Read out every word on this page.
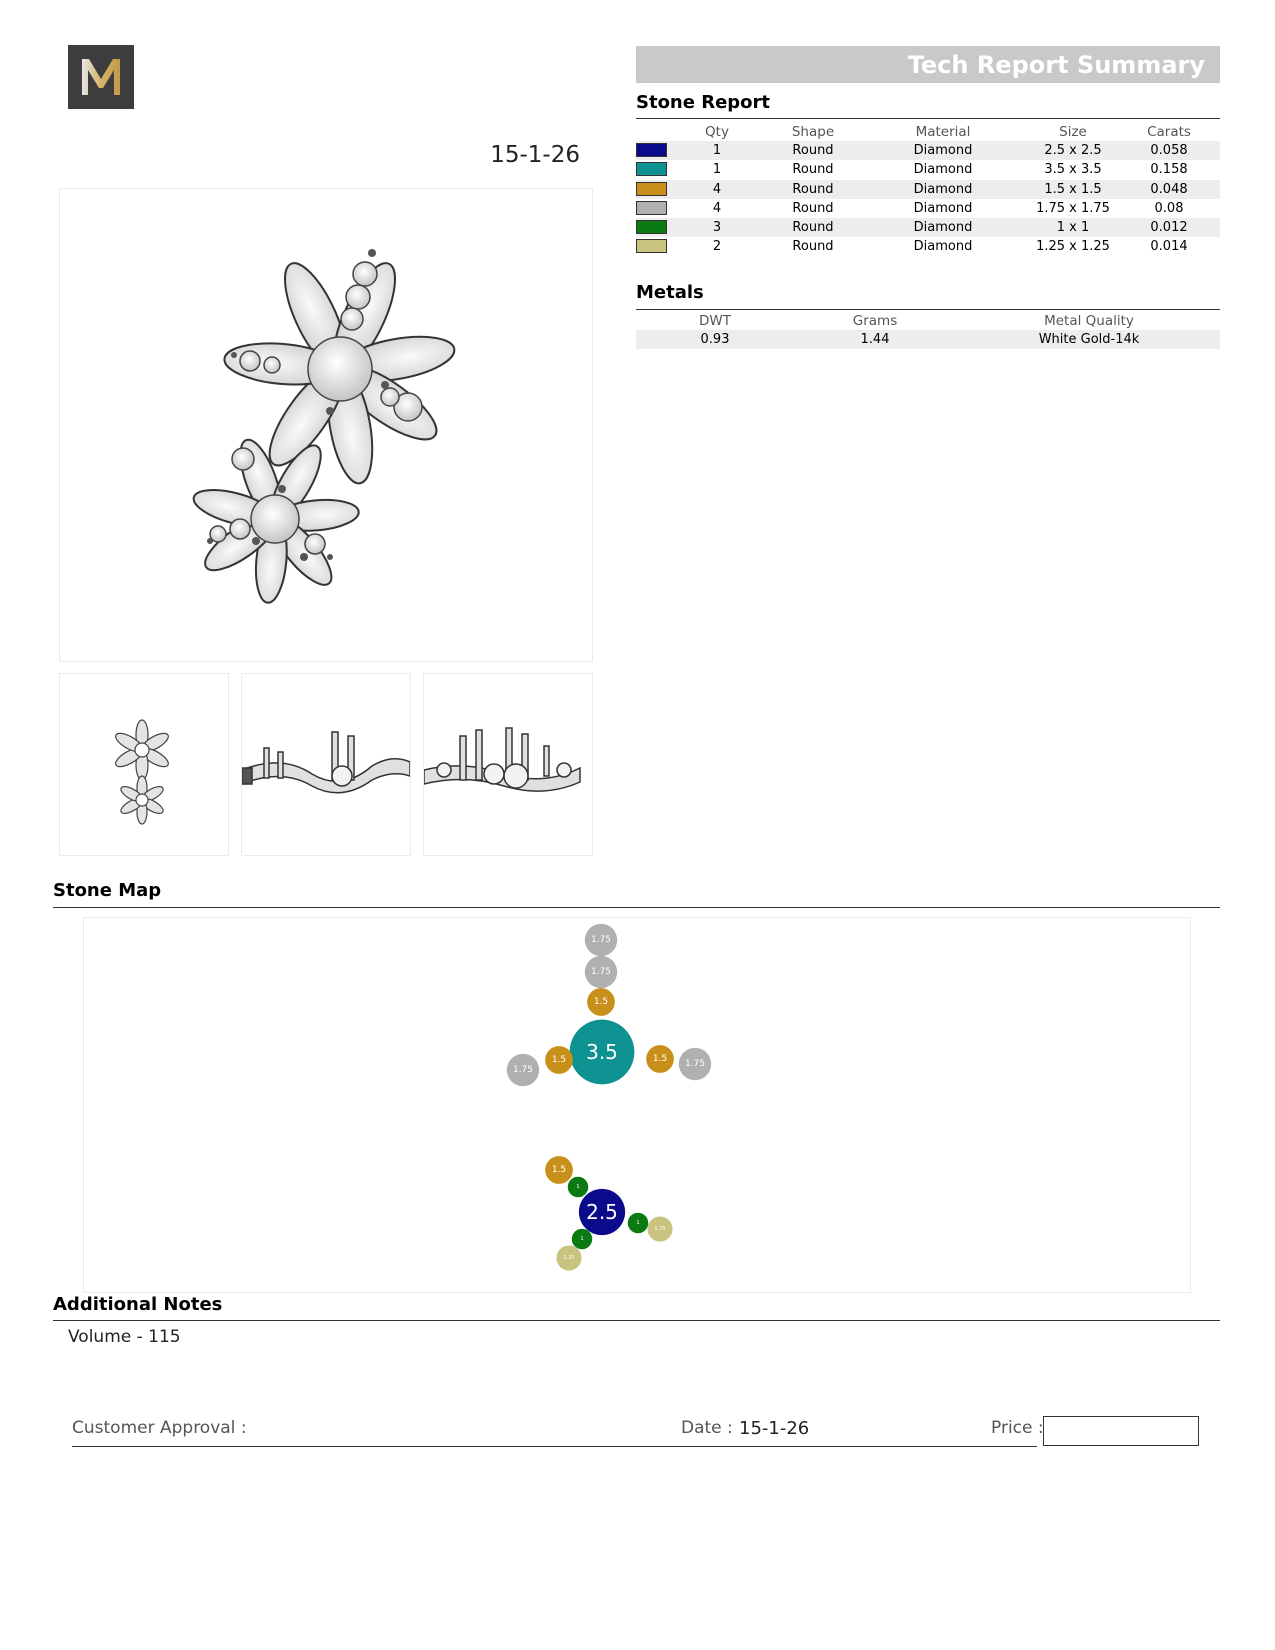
15-1-26
Tech Report Summary
Stone Report
Qty	Shape	Material	Size	Carats
1	Round	Diamond	2.5 x 2.5	0.058
1	Round	Diamond	3.5 x 3.5	0.158
4	Round	Diamond	1.5 x 1.5	0.048
4	Round	Diamond	1.75 x 1.75	0.08
3	Round	Diamond	1 x 1	0.012
2	Round	Diamond	1.25 x 1.25	0.014
Metals
DWT	Grams	Metal Quality
0.93	1.44	White Gold-14k
Stone Map
1.75
1.75
1.5
3.5
1.5
1.75
1.5 1.75
1.5
1
2.5	1
1.25
1
1.25
Additional Notes
Volume - 115
Customer Approval :	Date : 15-1-26	Price :
